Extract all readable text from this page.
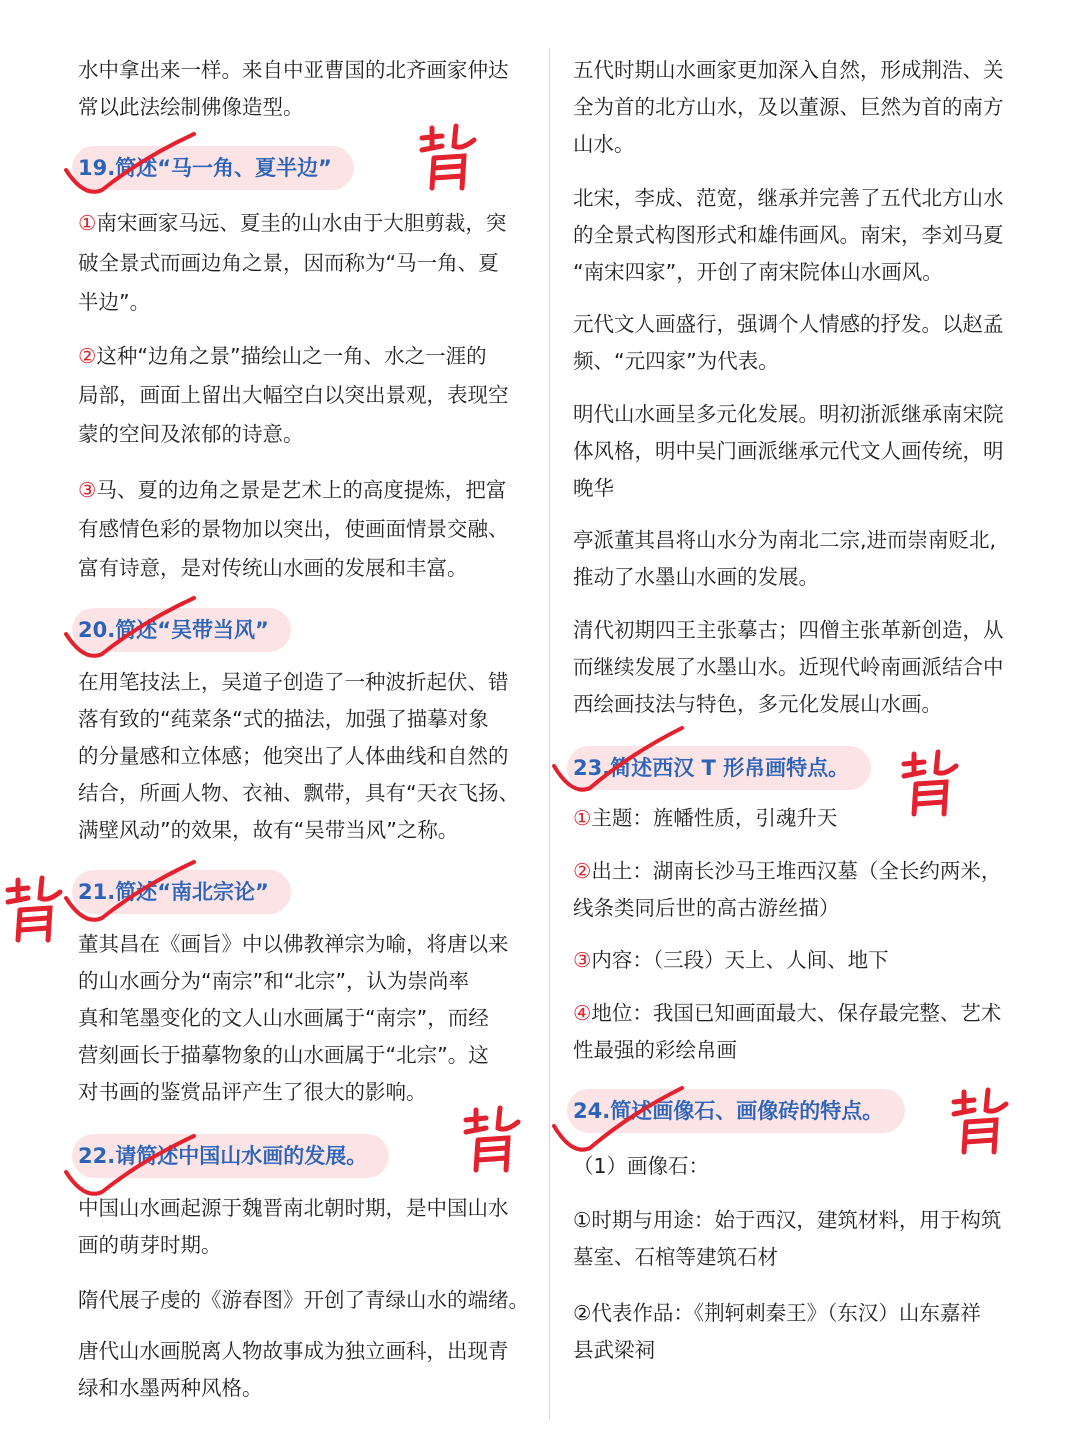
水中拿出来一样。来自中亚曹国的北齐画家仲达

常以此法绘制佛像造型。

19.简述“马一角、夏半边”

①南宋画家马远、夏圭的山水由于大胆剪裁，突

破全景式而画边角之景，因而称为“马一角、夏

半边”。

②这种“边角之景”描绘山之一角、水之一涯的

局部，画面上留出大幅空白以突出景观，表现空

蒙的空间及浓郁的诗意。

③马、夏的边角之景是艺术上的高度提炼，把富

有感情色彩的景物加以突出，使画面情景交融、

富有诗意，是对传统山水画的发展和丰富。

20.简述“吴带当风”

在用笔技法上，吴道子创造了一种波折起伏、错

落有致的“莼菜条“式的描法，加强了描摹对象

的分量感和立体感；他突出了人体曲线和自然的

结合，所画人物、衣袖、飘带，具有“天衣飞扬、

满壁风动”的效果，故有“吴带当风”之称。

21.简述“南北宗论”

董其昌在《画旨》中以佛教禅宗为喻，将唐以来

的山水画分为“南宗”和“北宗”，认为崇尚率

真和笔墨变化的文人山水画属于“南宗”，而经

营刻画长于描摹物象的山水画属于“北宗”。这

对书画的鉴赏品评产生了很大的影响。

22.请简述中国山水画的发展。

中国山水画起源于魏晋南北朝时期，是中国山水

画的萌芽时期。

隋代展子虔的《游春图》开创了青绿山水的端绪。

唐代山水画脱离人物故事成为独立画科，出现青

绿和水墨两种风格。

五代时期山水画家更加深入自然，形成荆浩、关

全为首的北方山水，及以董源、巨然为首的南方

山水。

北宋，李成、范宽，继承并完善了五代北方山水

的全景式构图形式和雄伟画风。南宋，李刘马夏

“南宋四家”，开创了南宋院体山水画风。

元代文人画盛行，强调个人情感的抒发。以赵孟

频、“元四家”为代表。

明代山水画呈多元化发展。明初浙派继承南宋院

体风格，明中吴门画派继承元代文人画传统，明

晚华

亭派董其昌将山水分为南北二宗,进而崇南贬北,

推动了水墨山水画的发展。

清代初期四王主张摹古；四僧主张革新创造，从

而继续发展了水墨山水。近现代岭南画派结合中

西绘画技法与特色，多元化发展山水画。

23.简述西汉 T 形帛画特点。

①主题：旌幡性质，引魂升天

②出土：湖南长沙马王堆西汉墓（全长约两米，

线条类同后世的高古游丝描）

③内容：（三段）天上、人间、地下

④地位：我国已知画面最大、保存最完整、艺术

性最强的彩绘帛画

24.简述画像石、画像砖的特点。

（1）画像石：

①时期与用途：始于西汉，建筑材料，用于构筑

墓室、石棺等建筑石材

②代表作品：《荆轲刺秦王》（东汉）山东嘉祥

县武梁祠
